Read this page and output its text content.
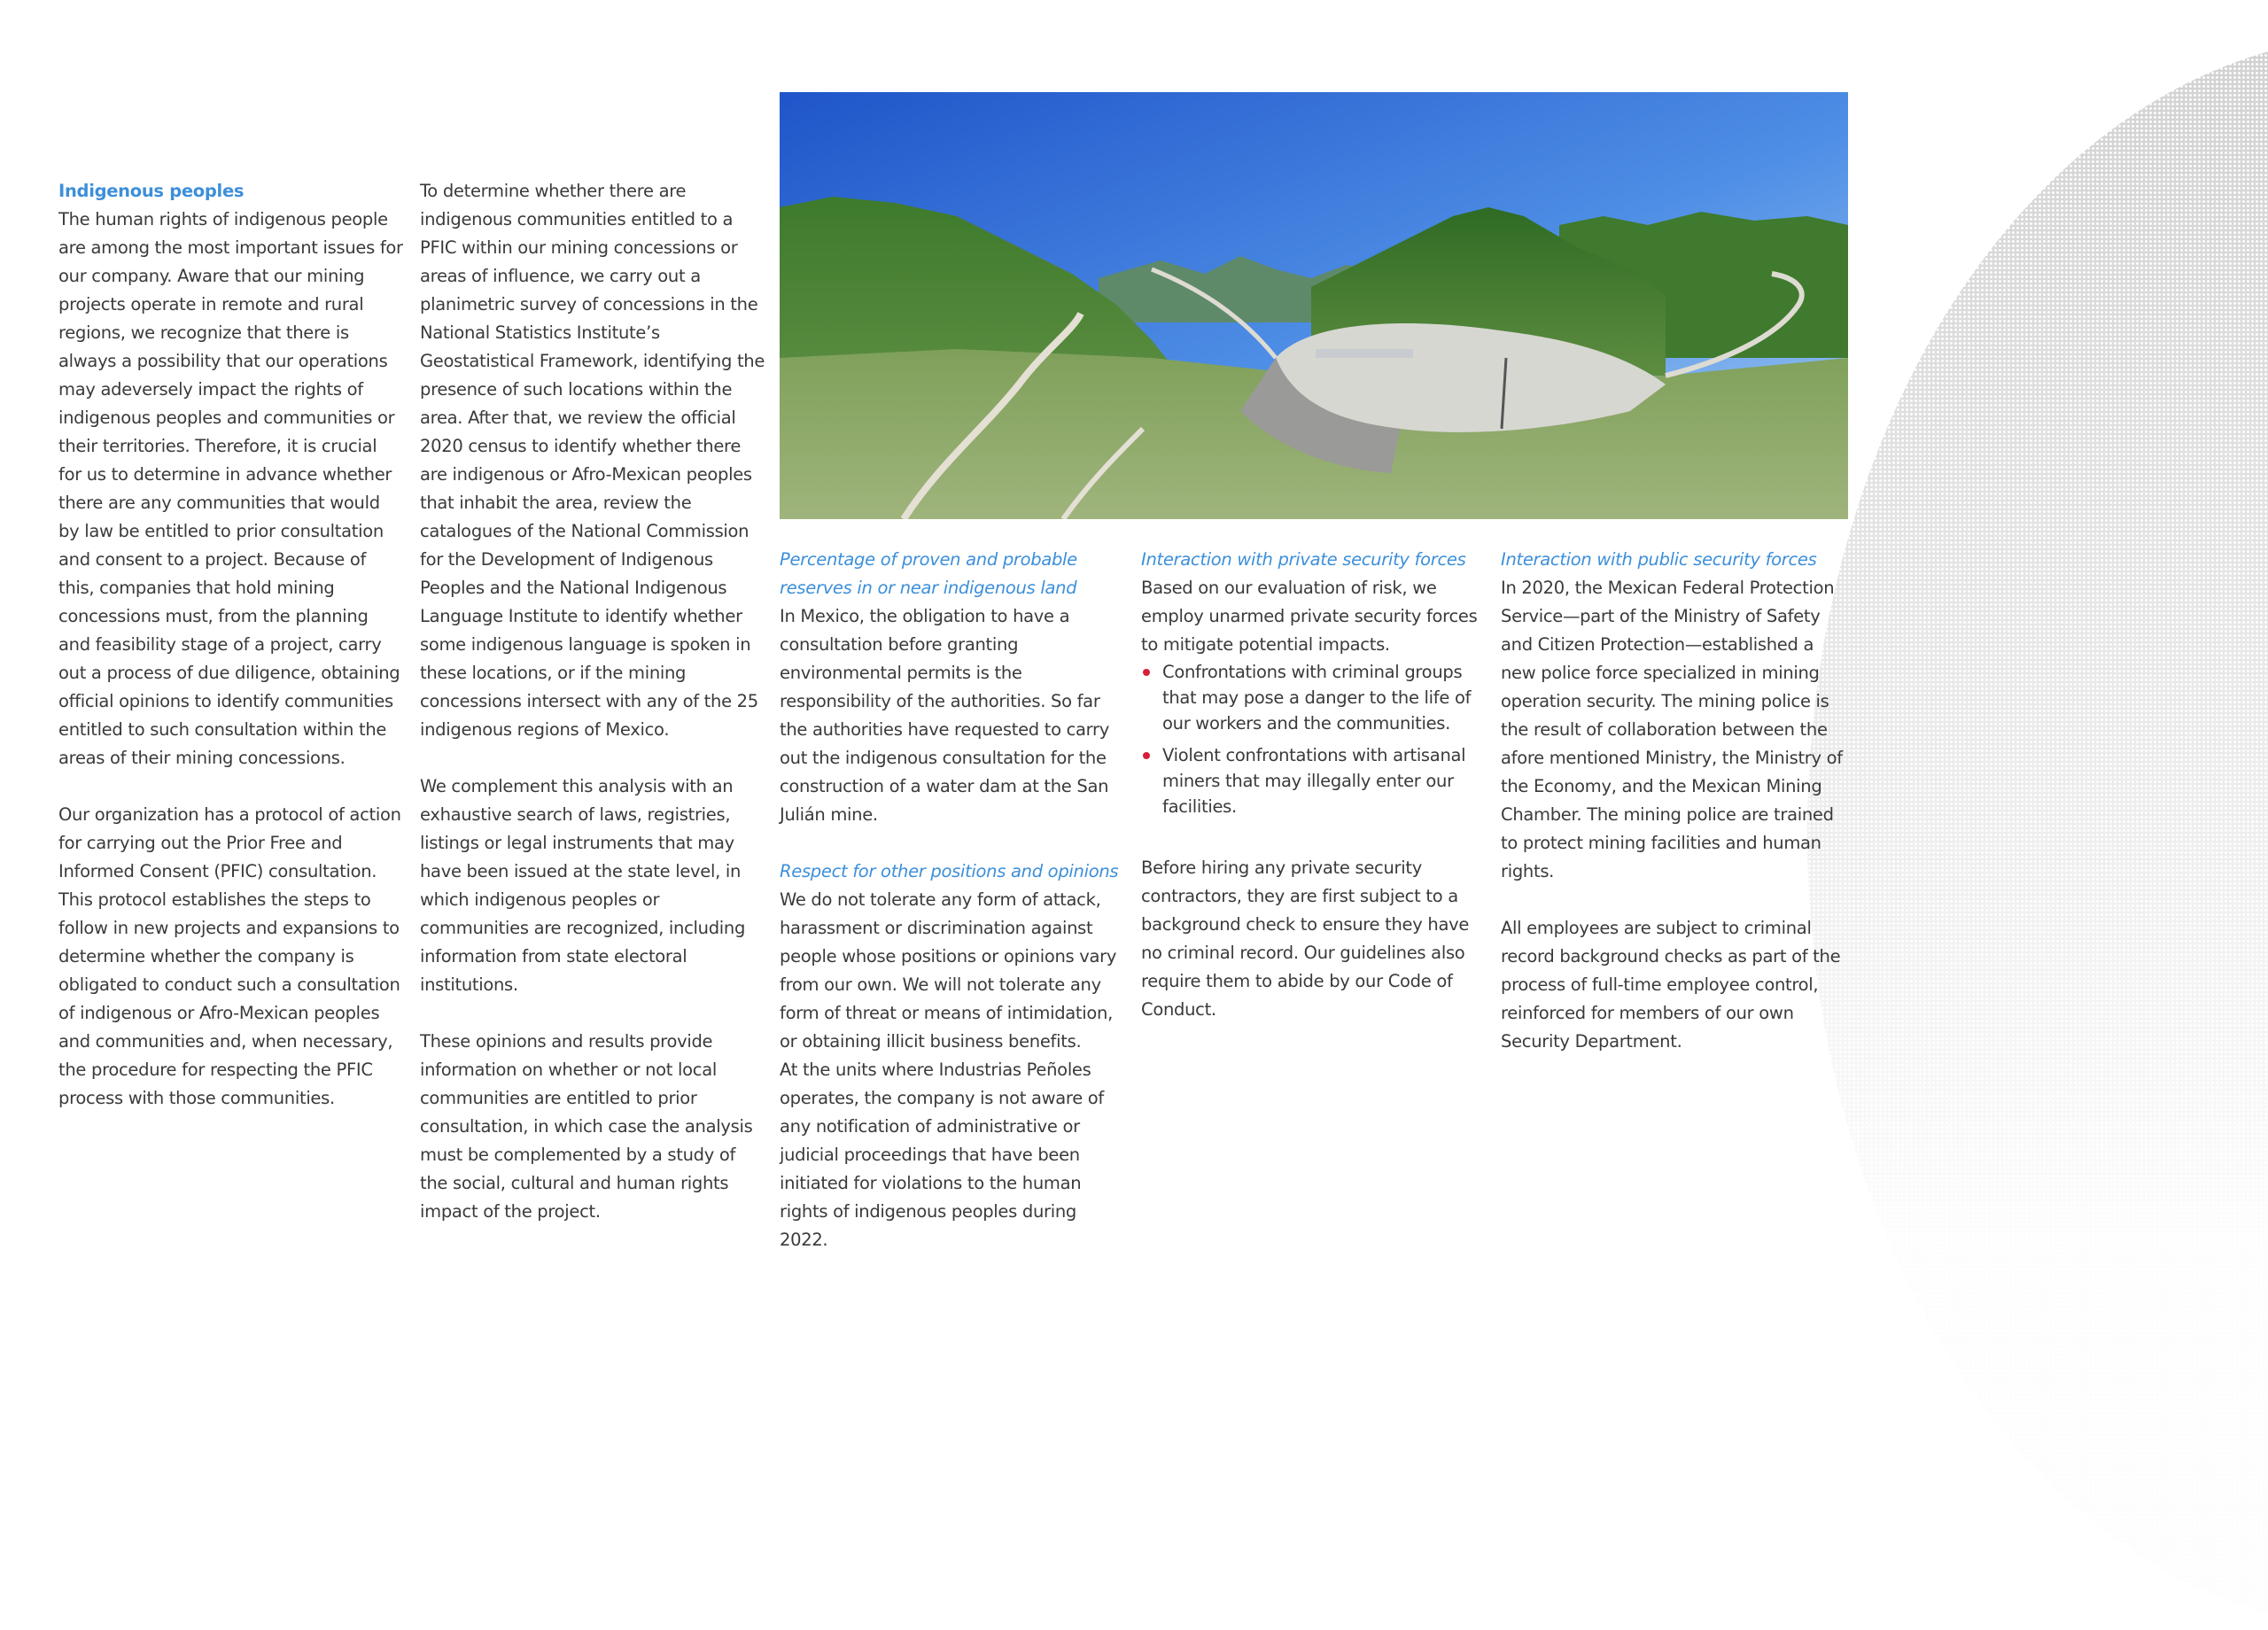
Indigenous peoples

The human rights of indigenous people are among the most important issues for our company. Aware that our mining projects operate in remote and rural regions, we recognize that there is always a possibility that our operations may adeversely impact the rights of indigenous peoples and communities or their territories. Therefore, it is crucial for us to determine in advance whether there are any communities that would by law be entitled to prior consultation and consent to a project. Because of this, companies that hold mining concessions must, from the planning and feasibility stage of a project, carry out a process of due diligence, obtaining official opinions to identify communities entitled to such consultation within the areas of their mining concessions.

Our organization has a protocol of action for carrying out the Prior Free and Informed Consent (PFIC) consultation. This protocol establishes the steps to follow in new projects and expansions to determine whether the company is obligated to conduct such a consultation of indigenous or Afro-Mexican peoples and communities and, when necessary, the procedure for respecting the PFIC process with those communities.

To determine whether there are indigenous communities entitled to a PFIC within our mining concessions or areas of influence, we carry out a planimetric survey of concessions in the National Statistics Institute’s Geostatistical Framework, identifying the presence of such locations within the area. After that, we review the official 2020 census to identify whether there are indigenous or Afro-Mexican peoples that inhabit the area, review the catalogues of the National Commission for the Development of Indigenous Peoples and the National Indigenous Language Institute to identify whether some indigenous language is spoken in these locations, or if the mining concessions intersect with any of the 25 indigenous regions of Mexico.

We complement this analysis with an exhaustive search of laws, registries, listings or legal instruments that may have been issued at the state level, in which indigenous peoples or communities are recognized, including information from state electoral institutions.

These opinions and results provide information on whether or not local communities are entitled to prior consultation, in which case the analysis must be complemented by a study of the social, cultural and human rights impact of the project.

Percentage of proven and probable reserves in or near indigenous land
In Mexico, the obligation to have a consultation before granting environmental permits is the responsibility of the authorities. So far the authorities have requested to carry out the indigenous consultation for the construction of a water dam at the San Julián mine.
Respect for other positions and opinions
We do not tolerate any form of attack, harassment or discrimination against people whose positions or opinions vary from our own. We will not tolerate any form of threat or means of intimidation, or obtaining illicit business benefits.
At the units where Industrias Peñoles operates, the company is not aware of any notification of administrative or judicial proceedings that have been initiated for violations to the human rights of indigenous peoples during 2022.
Interaction with private security forces
Based on our evaluation of risk, we employ unarmed private security forces to mitigate potential impacts.
Confrontations with criminal groups that may pose a danger to the life of our workers and the communities.
Violent confrontations with artisanal miners that may illegally enter our facilities.
Before hiring any private security contractors, they are first subject to a background check to ensure they have no criminal record. Our guidelines also require them to abide by our Code of Conduct.
Interaction with public security forces

In 2020, the Mexican Federal Protection Service—part of the Ministry of Safety and Citizen Protection—established a new police force specialized in mining operation security. The mining police is the result of collaboration between the afore mentioned Ministry, the Ministry of the Economy, and the Mexican Mining Chamber. The mining police are trained to protect mining facilities and human rights.

All employees are subject to criminal record background checks as part of the process of full-time employee control, reinforced for members of our own Security Department.
